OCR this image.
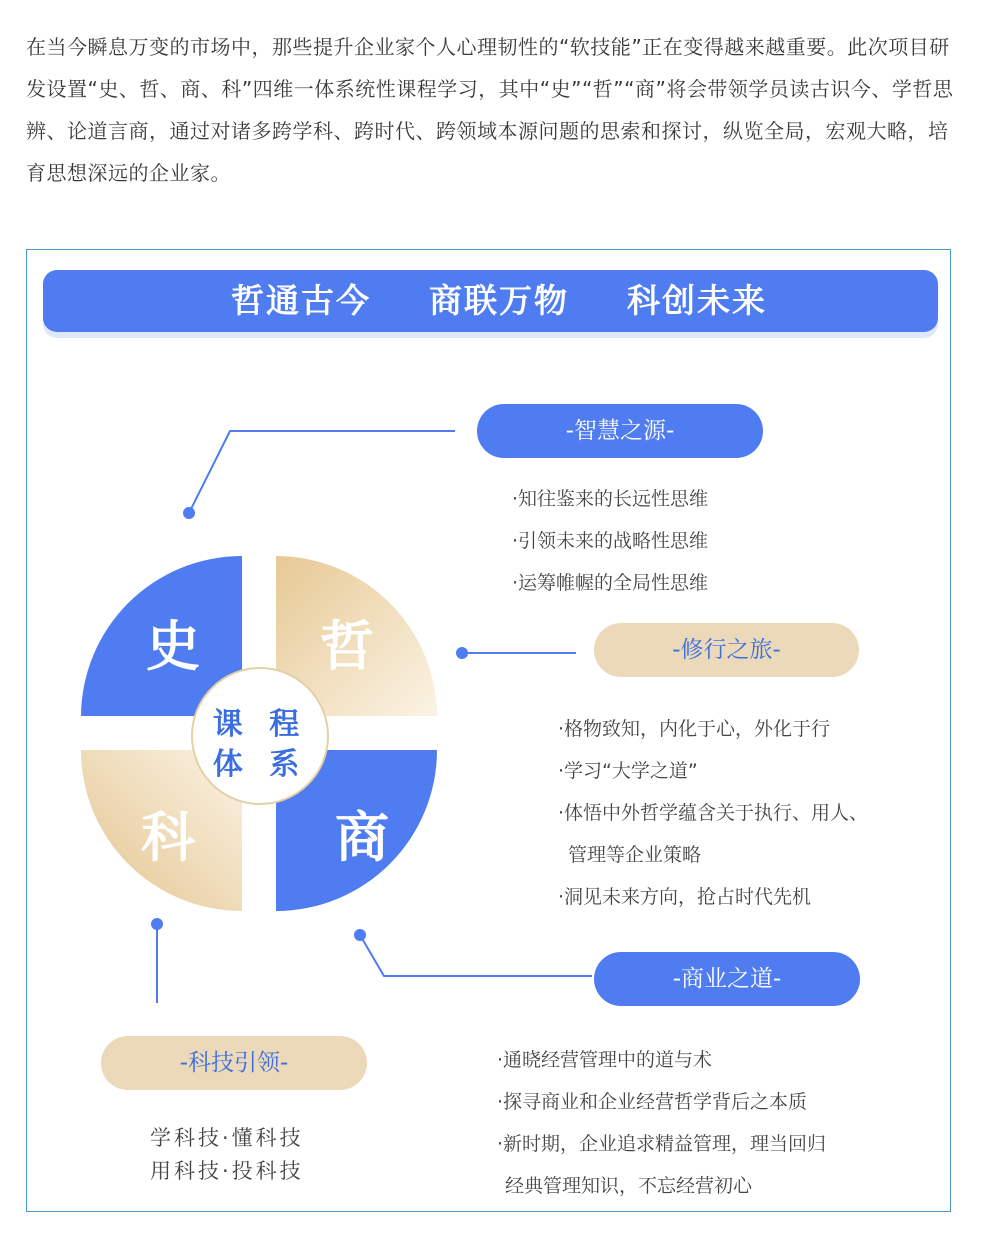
在当今瞬息万变的市场中，那些提升企业家个人心理韧性的“软技能”正在变得越来越重要。此次项目研发设置“史、哲、商、科”四维一体系统性课程学习，其中“史”“哲”“商”将会带领学员读古识今、学哲思辨、论道言商，通过对诸多跨学科、跨时代、跨领域本源问题的思索和探讨，纵览全局，宏观大略，培育思想深远的企业家。

哲通古今 商联万物 科创未来
史 哲
科	商
课 程
体 系
-智慧之源-
·知往鉴来的长远性思维
·引领未来的战略性思维
·运筹帷幄的全局性思维
-修行之旅-
·格物致知，内化于心，外化于行
·学习“大学之道”
·体悟中外哲学蕴含关于执行、用人、
管理等企业策略
·洞见未来方向，抢占时代先机
-商业之道-
·通晓经营管理中的道与术
·探寻商业和企业经营哲学背后之本质
·新时期，企业追求精益管理，理当回归
经典管理知识，不忘经营初心
-科技引领-
学科技·懂科技
用科技·投科技
